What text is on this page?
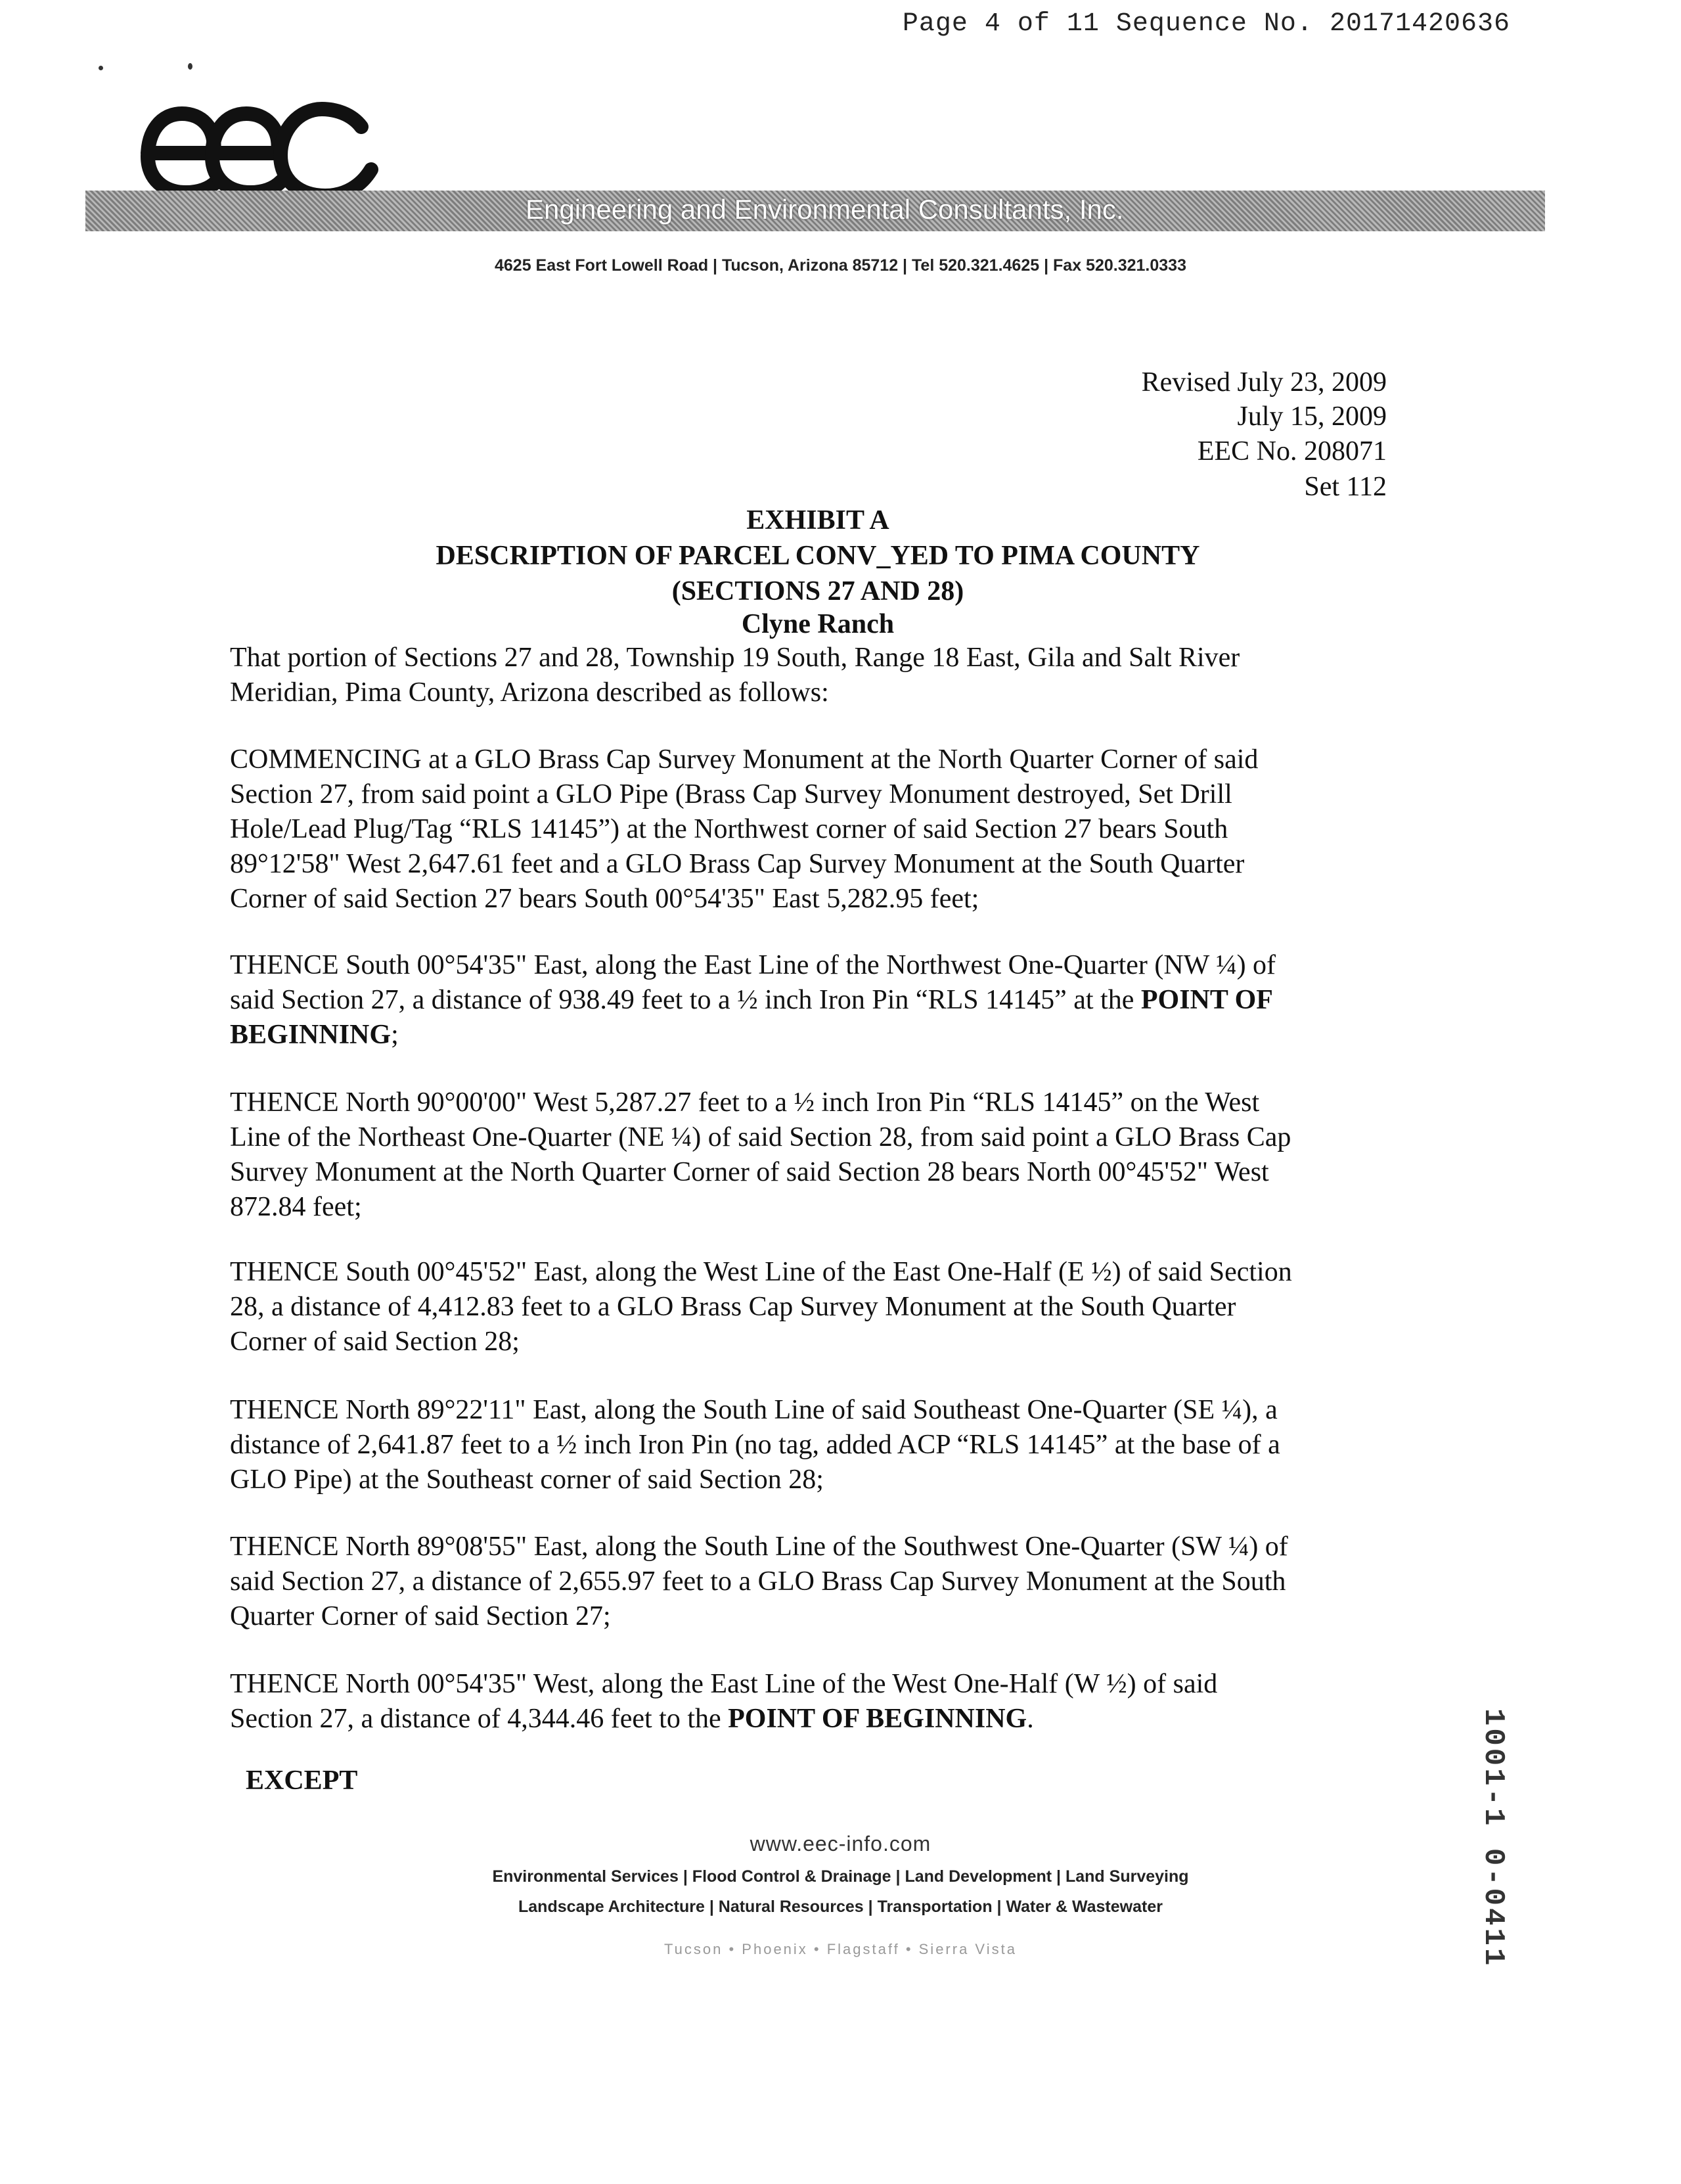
Page 4 of 11 Sequence No. 20171420636
Engineering and Environmental Consultants, Inc.
4625 East Fort Lowell Road | Tucson, Arizona 85712 | Tel 520.321.4625 | Fax 520.321.0333
Revised July 23, 2009
July 15, 2009
EEC No. 208071
Set 112
EXHIBIT A
DESCRIPTION OF PARCEL CONV_YED TO PIMA COUNTY
(SECTIONS 27 AND 28)
Clyne Ranch
That portion of Sections 27 and 28, Township 19 South, Range 18 East, Gila and Salt River
Meridian, Pima County, Arizona described as follows:
COMMENCING at a GLO Brass Cap Survey Monument at the North Quarter Corner of said
Section 27, from said point a GLO Pipe (Brass Cap Survey Monument destroyed, Set Drill
Hole/Lead Plug/Tag “RLS 14145”) at the Northwest corner of said Section 27 bears South
89°12'58" West 2,647.61 feet and a GLO Brass Cap Survey Monument at the South Quarter
Corner of said Section 27 bears South 00°54'35" East 5,282.95 feet;
THENCE South 00°54'35" East, along the East Line of the Northwest One-Quarter (NW ¼) of
said Section 27, a distance of 938.49 feet to a ½ inch Iron Pin “RLS 14145” at the POINT OF
BEGINNING;
THENCE North 90°00'00" West 5,287.27 feet to a ½ inch Iron Pin “RLS 14145” on the West
Line of the Northeast One-Quarter (NE ¼) of said Section 28, from said point a GLO Brass Cap
Survey Monument at the North Quarter Corner of said Section 28 bears North 00°45'52" West
872.84 feet;
THENCE South 00°45'52" East, along the West Line of the East One-Half (E ½) of said Section
28, a distance of 4,412.83 feet to a GLO Brass Cap Survey Monument at the South Quarter
Corner of said Section 28;
THENCE North 89°22'11" East, along the South Line of said Southeast One-Quarter (SE ¼), a
distance of 2,641.87 feet to a ½ inch Iron Pin (no tag, added ACP “RLS 14145” at the base of a
GLO Pipe) at the Southeast corner of said Section 28;
THENCE North 89°08'55" East, along the South Line of the Southwest One-Quarter (SW ¼) of
said Section 27, a distance of 2,655.97 feet to a GLO Brass Cap Survey Monument at the South
Quarter Corner of said Section 27;
THENCE North 00°54'35" West, along the East Line of the West One-Half (W ½) of said
Section 27, a distance of 4,344.46 feet to the POINT OF BEGINNING.
EXCEPT
www.eec-info.com
Environmental Services | Flood Control & Drainage | Land Development | Land Surveying
Landscape Architecture | Natural Resources | Transportation | Water & Wastewater
Tucson • Phoenix • Flagstaff • Sierra Vista	1001-1 0-0411
